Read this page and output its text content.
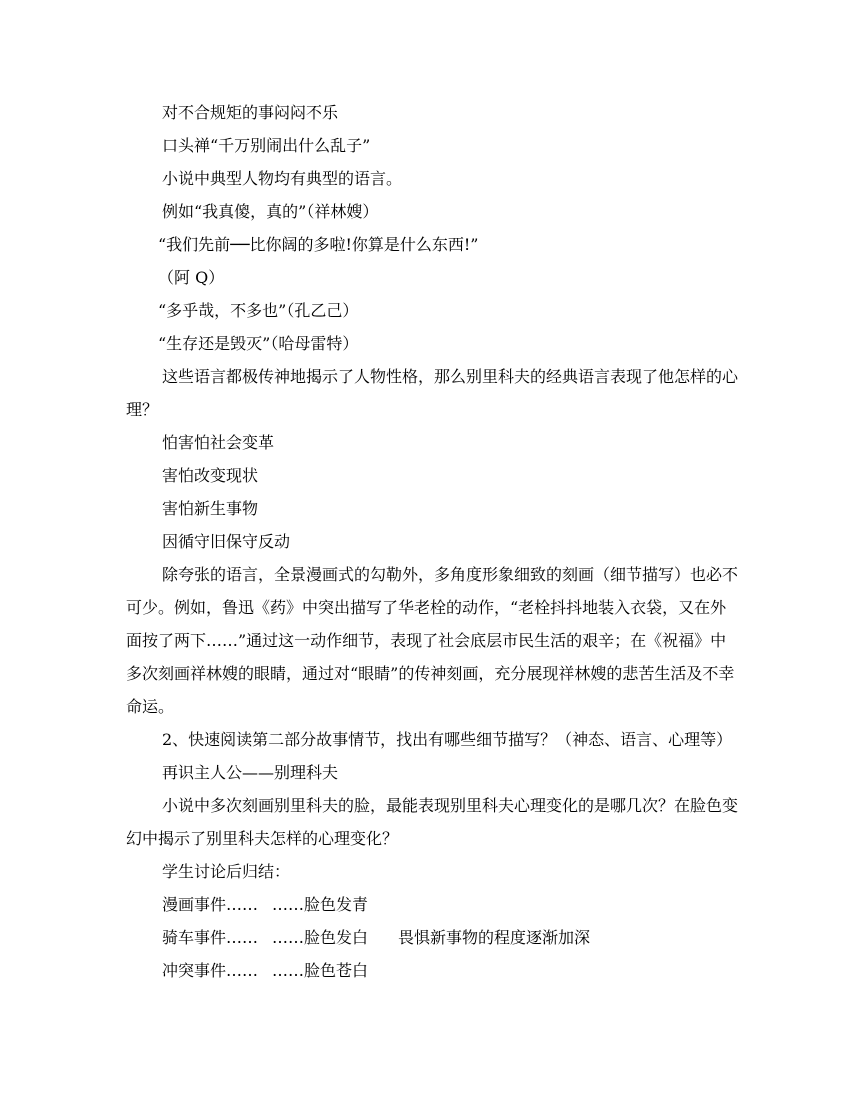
对不合规矩的事闷闷不乐

口头禅“千万别闹出什么乱子”

小说中典型人物均有典型的语言。

例如“我真傻，真的”（祥林嫂）

“我们先前──比你阔的多啦!你算是什么东西!”

（阿 Q）

“多乎哉，不多也”（孔乙己）

“生存还是毁灭”（哈母雷特）

这些语言都极传神地揭示了人物性格，那么别里科夫的经典语言表现了他怎样的心理？

怕害怕社会变革

害怕改变现状

害怕新生事物

因循守旧保守反动

除夸张的语言，全景漫画式的勾勒外，多角度形象细致的刻画（细节描写）也必不可少。例如，鲁迅《药》中突出描写了华老栓的动作，“老栓抖抖地装入衣袋，又在外面按了两下……”通过这一动作细节，表现了社会底层市民生活的艰辛；在《祝福》中多次刻画祥林嫂的眼睛，通过对“眼睛”的传神刻画，充分展现祥林嫂的悲苦生活及不幸命运。

2、快速阅读第二部分故事情节，找出有哪些细节描写？（神态、语言、心理等）

再识主人公——别理科夫

小说中多次刻画别里科夫的脸，最能表现别里科夫心理变化的是哪几次？在脸色变幻中揭示了别里科夫怎样的心理变化？

学生讨论后归结：

漫画事件…… ……脸色发青

骑车事件…… ……脸色发白 畏惧新事物的程度逐渐加深

冲突事件…… ……脸色苍白
